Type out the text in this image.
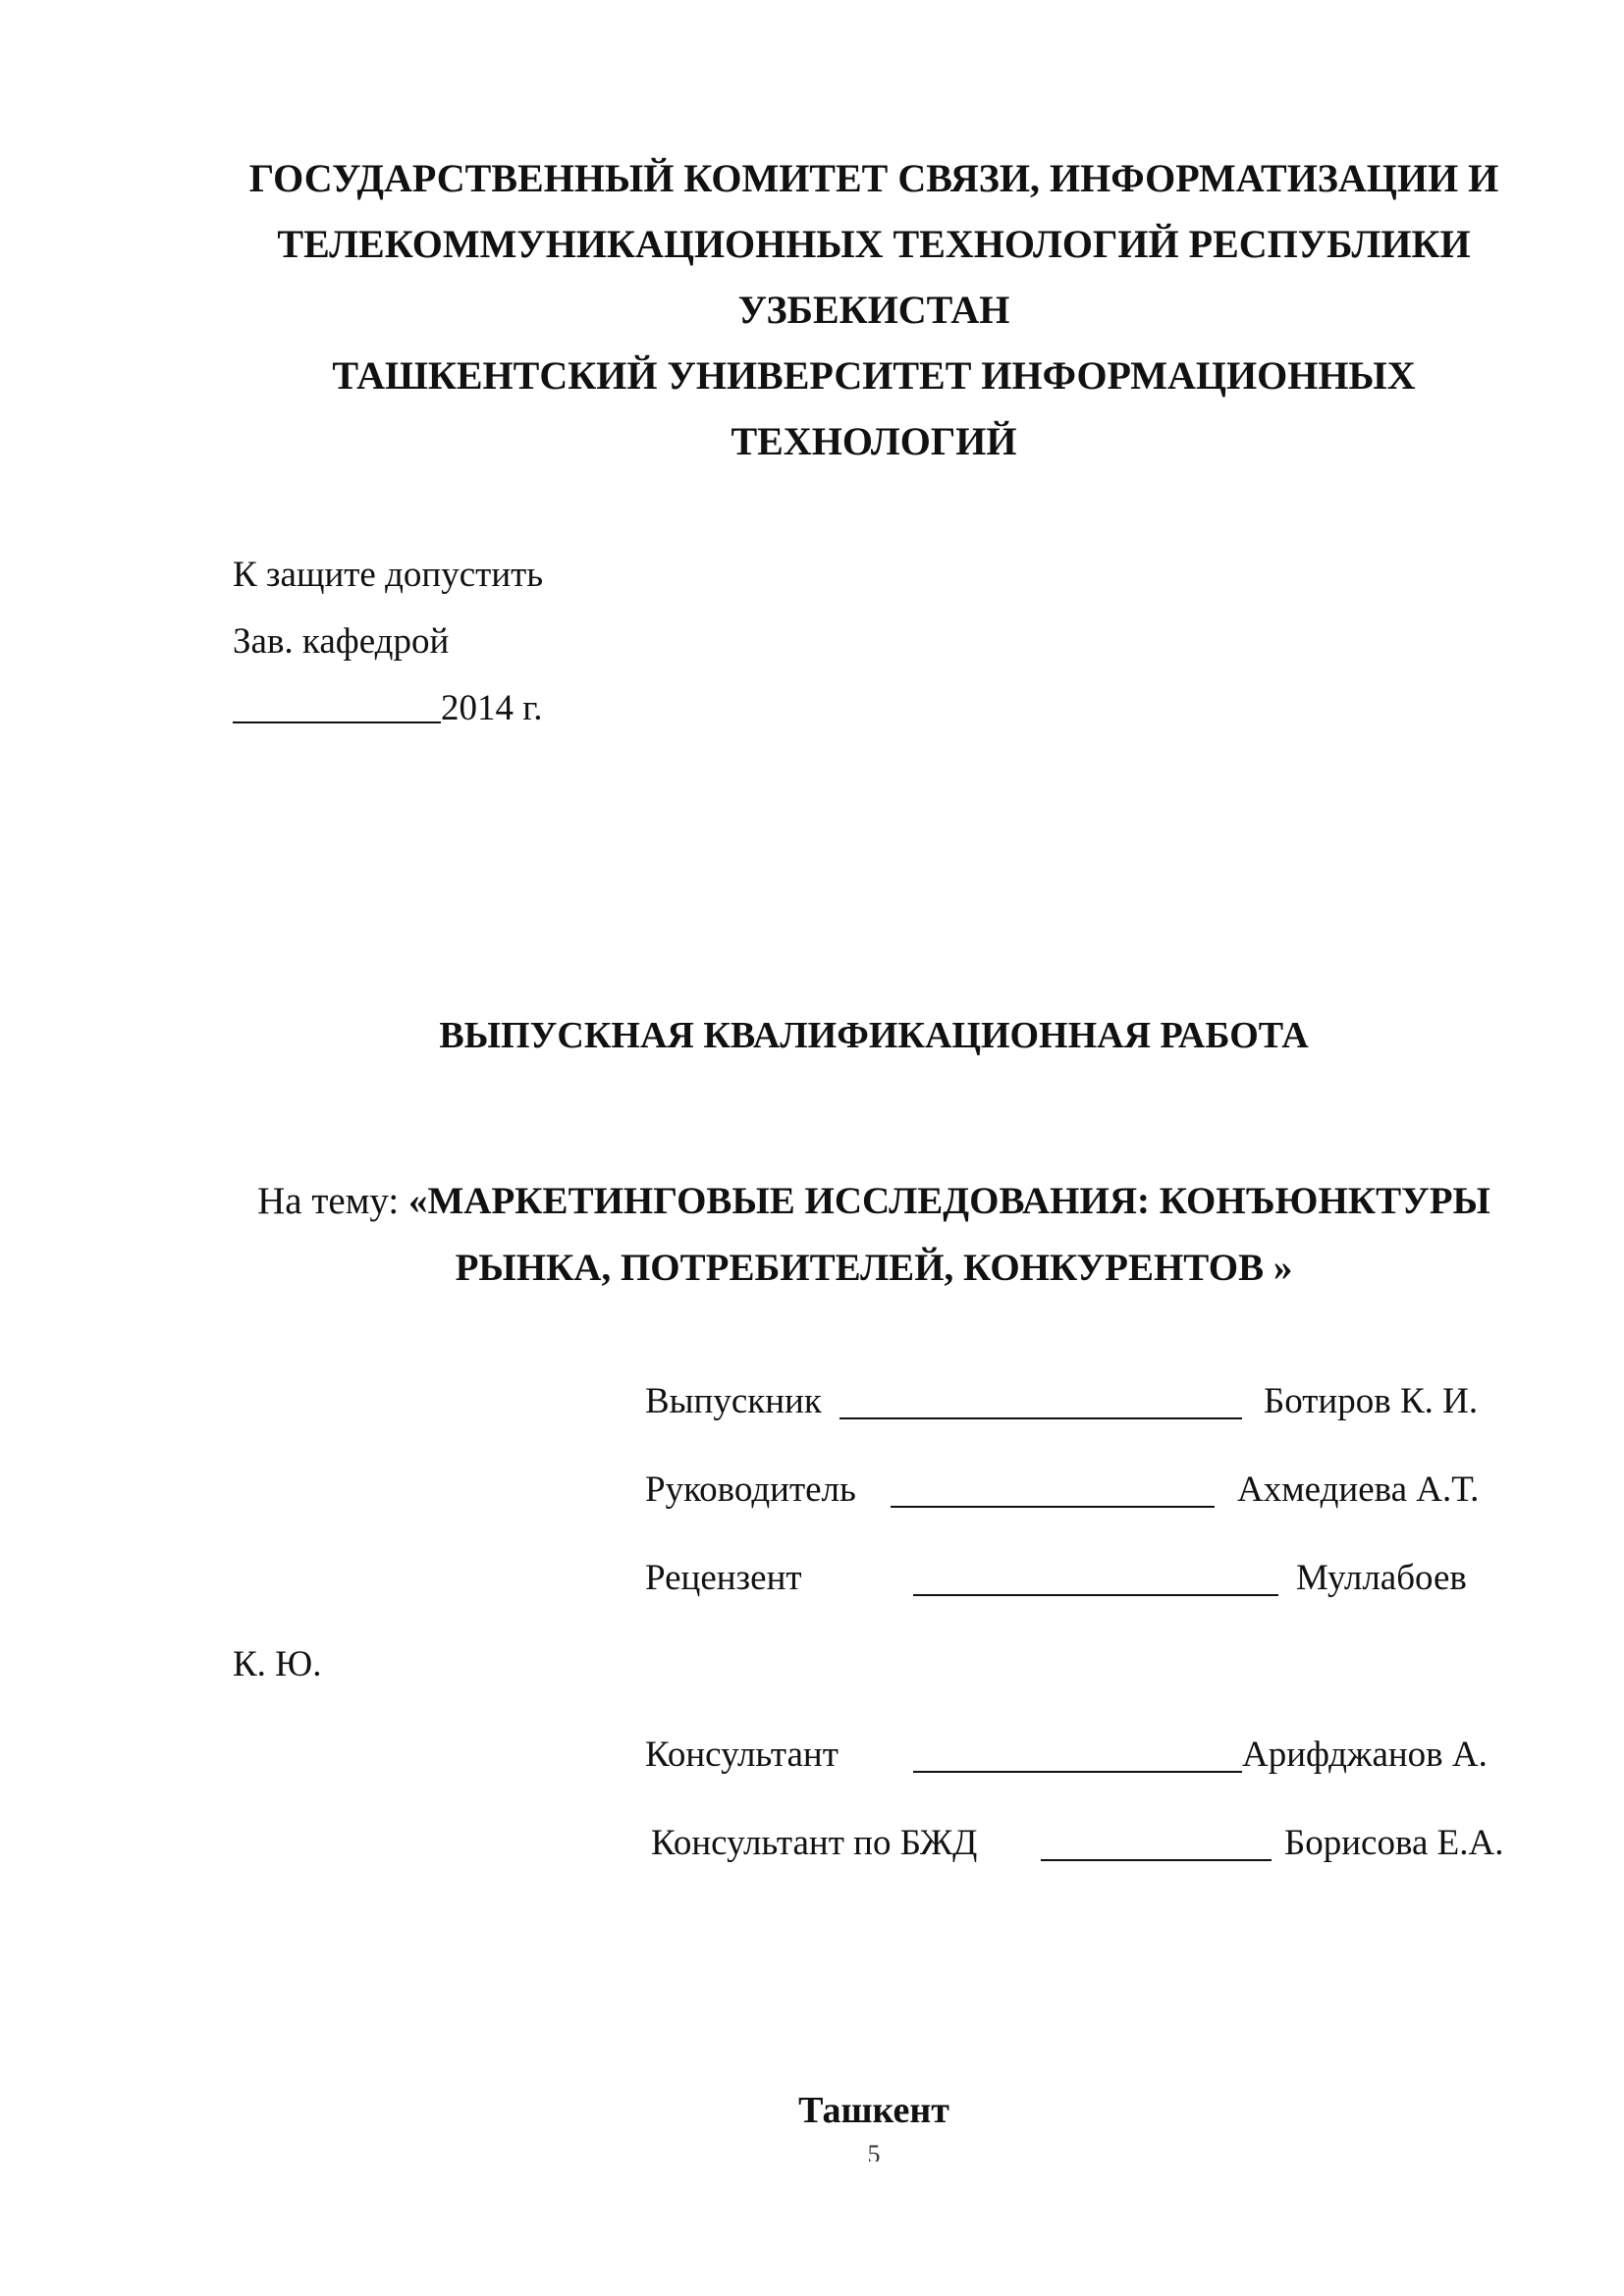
ГОСУДАРСТВЕННЫЙ КОМИТЕТ СВЯЗИ, ИНФОРМАТИЗАЦИИ И
ТЕЛЕКОММУНИКАЦИОННЫХ ТЕХНОЛОГИЙ РЕСПУБЛИКИ
УЗБЕКИСТАН
ТАШКЕНТСКИЙ УНИВЕРСИТЕТ ИНФОРМАЦИОННЫХ
ТЕХНОЛОГИЙ
К защите допустить
Зав. кафедрой
2014 г.
ВЫПУСКНАЯ КВАЛИФИКАЦИОННАЯ РАБОТА
На тему: «МАРКЕТИНГОВЫЕ ИССЛЕДОВАНИЯ: КОНЪЮНКТУРЫ
РЫНКА, ПОТРЕБИТЕЛЕЙ, КОНКУРЕНТОВ »
Выпускник	Ботиров К. И.
Руководитель	Ахмедиева А.Т.
Рецензент	Муллабоев
К. Ю.
Консультант	Арифджанов А.
Консультант по БЖД	Борисова Е.А.
Ташкент
5
